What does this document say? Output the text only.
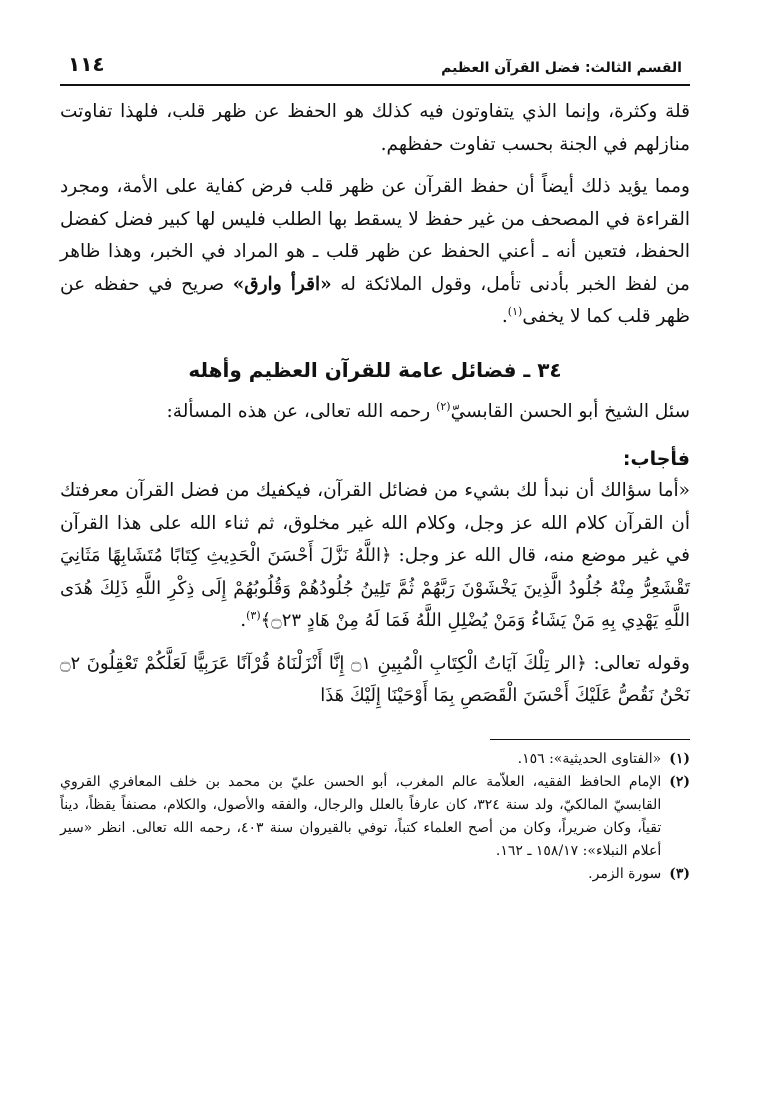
القسم الثالث: فضل القرآن العظيم
١١٤

قلة وكثرة، وإنما الذي يتفاوتون فيه كذلك هو الحفظ عن ظهر قلب، فلهذا تفاوتت منازلهم في الجنة بحسب تفاوت حفظهم.

ومما يؤيد ذلك أيضاً أن حفظ القرآن عن ظهر قلب فرض كفاية على الأمة، ومجرد القراءة في المصحف من غير حفظ لا يسقط بها الطلب فليس لها كبير فضل كفضل الحفظ، فتعين أنه ـ أعني الحفظ عن ظهر قلب ـ هو المراد في الخبر، وهذا ظاهر من لفظ الخبر بأدنى تأمل، وقول الملائكة له «اقرأ وارق» صريح في حفظه عن ظهر قلب كما لا يخفى$^{(١)}$.

٣٤ ـ فضائل عامة للقرآن العظيم وأهله

سئل الشيخ أبو الحسن القابسيّ$^{(٢)}$ رحمه الله تعالى، عن هذه المسألة:

فأجاب:

«أما سؤالك أن نبدأ لك بشيء من فضائل القرآن، فيكفيك من فضل القرآن معرفتك أن القرآن كلام الله عز وجل، وكلام الله غير مخلوق، ثم ثناء الله على هذا القرآن في غير موضع منه، قال الله عز وجل: ﴿اللَّهُ نَزَّلَ أَحْسَنَ الْحَدِيثِ كِتَابًا مُتَشَابِهًا مَثَانِيَ تَقْشَعِرُّ مِنْهُ جُلُودُ الَّذِينَ يَخْشَوْنَ رَبَّهُمْ ثُمَّ تَلِينُ جُلُودُهُمْ وَقُلُوبُهُمْ إِلَى ذِكْرِ اللَّهِ ذَلِكَ هُدَى اللَّهِ يَهْدِي بِهِ مَنْ يَشَاءُ وَمَنْ يُضْلِلِ اللَّهُ فَمَا لَهُ مِنْ هَادٍ ۝٢٣﴾$^{(٣)}$.

وقوله تعالى: ﴿الر تِلْكَ آيَاتُ الْكِتَابِ الْمُبِينِ ۝١ إِنَّا أَنْزَلْنَاهُ قُرْآنًا عَرَبِيًّا لَعَلَّكُمْ تَعْقِلُونَ ۝٢ نَحْنُ نَقُصُّ عَلَيْكَ أَحْسَنَ الْقَصَصِ بِمَا أَوْحَيْنَا إِلَيْكَ هَذَا

(١)
«الفتاوى الحديثية»: ١٥٦.
(٢)
الإمام الحافظ الفقيه، العلاّمة عالم المغرب، أبو الحسن عليّ بن محمد بن خلف المعافري القروي القابسيّ المالكيّ، ولد سنة ٣٢٤، كان عارفاً بالعلل والرجال، والفقه والأصول، والكلام، مصنفاً يقظاً، ديناً تقياً، وكان ضريراً، وكان من أصح العلماء كتباً، توفي بالقيروان سنة ٤٠٣، رحمه الله تعالى. انظر «سير أعلام النبلاء»: ١٥٨/١٧ ـ ١٦٢.
(٣)
سورة الزمر.
